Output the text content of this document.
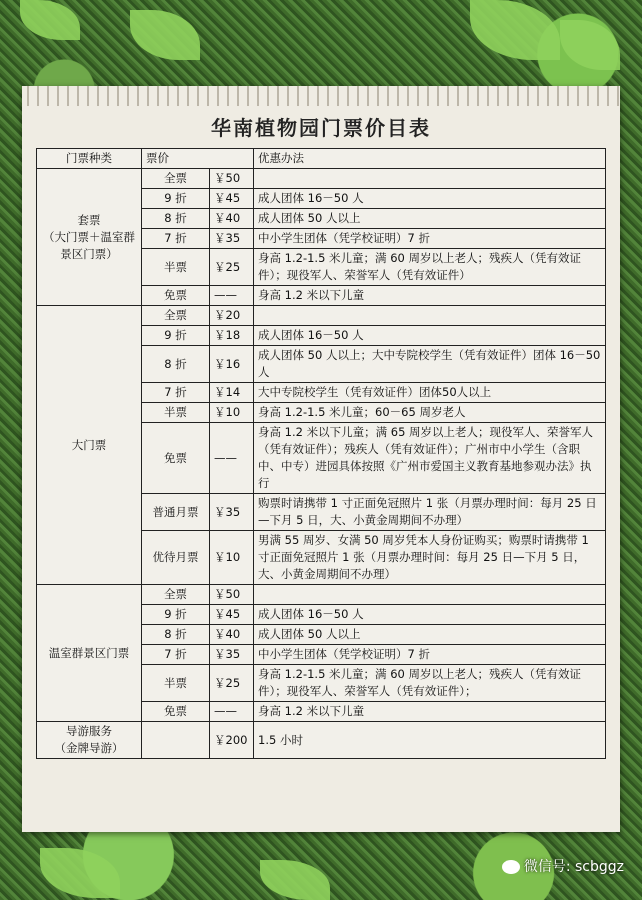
华南植物园门票价目表
门票种类	票价		优惠办法
套票
（大门票＋温室群景区门票）	全票	￥50	
	9 折	￥45	成人团体 16－50 人
	8 折	￥40	成人团体 50 人以上
	7 折	￥35	中小学生团体（凭学校证明）7 折
	半票	￥25	身高 1.2-1.5 米儿童；满 60 周岁以上老人；残疾人（凭有效证件）；现役军人、荣誉军人（凭有效证件）
	免票	——	身高 1.2 米以下儿童
大门票	全票	￥20	
	9 折	￥18	成人团体 16－50 人
	8 折	￥16	成人团体 50 人以上；大中专院校学生（凭有效证件）团体 16－50 人
	7 折	￥14	大中专院校学生（凭有效证件）团体50人以上
	半票	￥10	身高 1.2-1.5 米儿童；60－65 周岁老人
	免票	——	身高 1.2 米以下儿童；满 65 周岁以上老人；现役军人、荣誉军人（凭有效证件）；残疾人（凭有效证件）；广州市中小学生（含职中、中专）进园具体按照《广州市爱国主义教育基地参观办法》执行
	普通月票	￥35	购票时请携带 1 寸正面免冠照片 1 张（月票办理时间：每月 25 日—下月 5 日，大、小黄金周期间不办理）
	优待月票	￥10	男满 55 周岁、女满 50 周岁凭本人身份证购买；购票时请携带 1 寸正面免冠照片 1 张（月票办理时间：每月 25 日—下月 5 日，大、小黄金周期间不办理）
温室群景区门票	全票	￥50	
	9 折	￥45	成人团体 16－50 人
	8 折	￥40	成人团体 50 人以上
	7 折	￥35	中小学生团体（凭学校证明）7 折
	半票	￥25	身高 1.2-1.5 米儿童；满 60 周岁以上老人；残疾人（凭有效证件）；现役军人、荣誉军人（凭有效证件）；
	免票	——	身高 1.2 米以下儿童
导游服务
（金牌导游）		￥200	1.5 小时
微信号: scbggz
